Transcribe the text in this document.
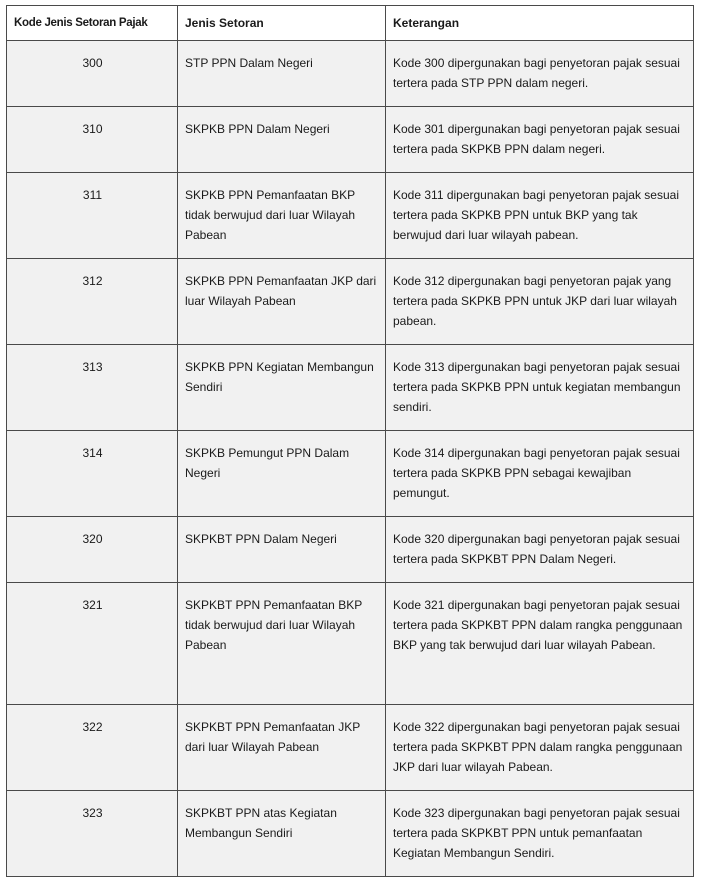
Kode Jenis Setoran Pajak	Jenis Setoran	Keterangan
300	STP PPN Dalam Negeri	Kode 300 dipergunakan bagi penyetoran pajak sesuai tertera pada STP PPN dalam negeri.
310	SKPKB PPN Dalam Negeri	Kode 301 dipergunakan bagi penyetoran pajak sesuai tertera pada SKPKB PPN dalam negeri.
311	SKPKB PPN Pemanfaatan BKP tidak berwujud dari luar Wilayah Pabean	Kode 311 dipergunakan bagi penyetoran pajak sesuai tertera pada SKPKB PPN untuk BKP yang tak berwujud dari luar wilayah pabean.
312	SKPKB PPN Pemanfaatan JKP dari luar Wilayah Pabean	Kode 312 dipergunakan bagi penyetoran pajak yang tertera pada SKPKB PPN untuk JKP dari luar wilayah pabean.
313	SKPKB PPN Kegiatan Membangun Sendiri	Kode 313 dipergunakan bagi penyetoran pajak sesuai tertera pada SKPKB PPN untuk kegiatan membangun sendiri.
314	SKPKB Pemungut PPN Dalam Negeri	Kode 314 dipergunakan bagi penyetoran pajak sesuai tertera pada SKPKB PPN sebagai kewajiban pemungut.
320	SKPKBT PPN Dalam Negeri	Kode 320 dipergunakan bagi penyetoran pajak sesuai tertera pada SKPKBT PPN Dalam Negeri.
321	SKPKBT PPN Pemanfaatan BKP tidak berwujud dari luar Wilayah Pabean	Kode 321 dipergunakan bagi penyetoran pajak sesuai tertera pada SKPKBT PPN dalam rangka penggunaan BKP yang tak berwujud dari luar wilayah Pabean.
322	SKPKBT PPN Pemanfaatan JKP dari luar Wilayah Pabean	Kode 322 dipergunakan bagi penyetoran pajak sesuai tertera pada SKPKBT PPN dalam rangka penggunaan JKP dari luar wilayah Pabean.
323	SKPKBT PPN atas Kegiatan Membangun Sendiri	Kode 323 dipergunakan bagi penyetoran pajak sesuai tertera pada SKPKBT PPN untuk pemanfaatan Kegiatan Membangun Sendiri.
